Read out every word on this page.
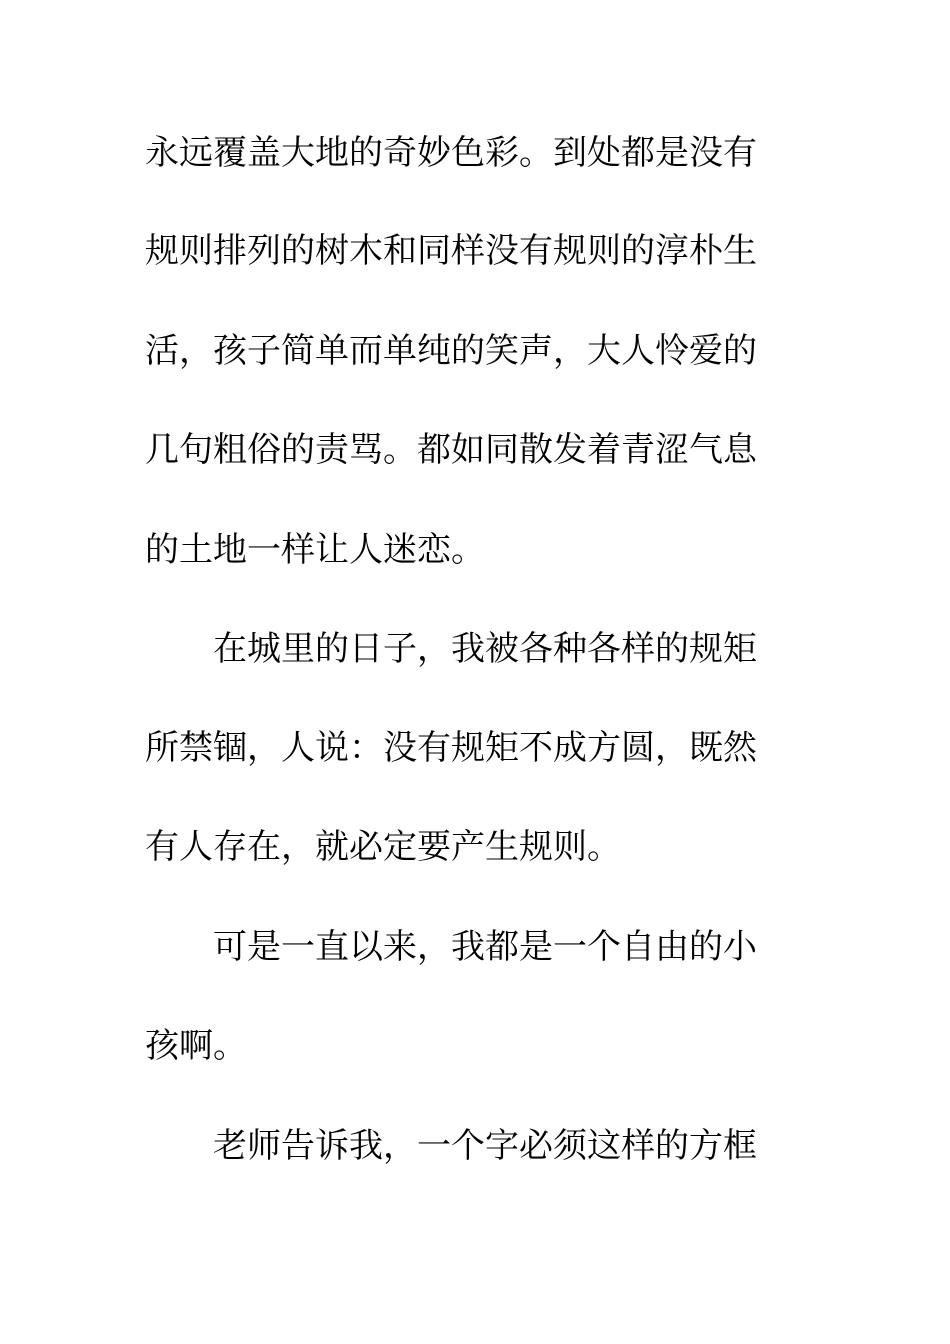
永远覆盖大地的奇妙色彩。到处都是没有
规则排列的树木和同样没有规则的淳朴生
活，孩子简单而单纯的笑声，大人怜爱的
几句粗俗的责骂。都如同散发着青涩气息
的土地一样让人迷恋。
在城里的日子，我被各种各样的规矩
所禁锢，人说：没有规矩不成方圆，既然
有人存在，就必定要产生规则。
可是一直以来，我都是一个自由的小
孩啊。
老师告诉我，一个字必须这样的方框
